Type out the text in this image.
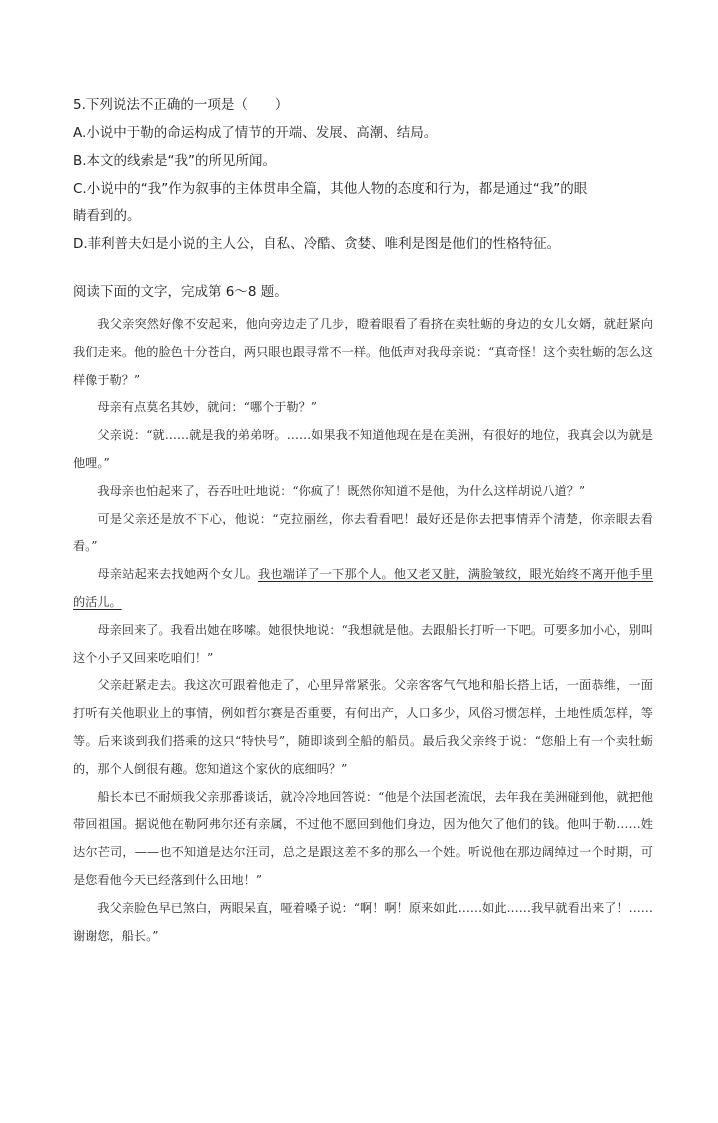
5.下列说法不正确的一项是（　　）
A.小说中于勒的命运构成了情节的开端、发展、高潮、结局。
B.本文的线索是“我”的所见所闻。
C.小说中的“我”作为叙事的主体贯串全篇，其他人物的态度和行为，都是通过“我”的眼
睛看到的。
D.菲利普夫妇是小说的主人公，自私、冷酷、贪婪、唯利是图是他们的性格特征。
阅读下面的文字，完成第 6～8 题。

我父亲突然好像不安起来，他向旁边走了几步，瞪着眼看了看挤在卖牡蛎的身边的女儿女婿，就赶紧向我们走来。他的脸色十分苍白，两只眼也跟寻常不一样。他低声对我母亲说：“真奇怪！这个卖牡蛎的怎么这样像于勒？”

母亲有点莫名其妙，就问：“哪个于勒？”

父亲说：“就……就是我的弟弟呀。……如果我不知道他现在是在美洲，有很好的地位，我真会以为就是他哩。”

我母亲也怕起来了，吞吞吐吐地说：“你疯了！既然你知道不是他，为什么这样胡说八道？”

可是父亲还是放不下心，他说：“克拉丽丝，你去看看吧！最好还是你去把事情弄个清楚，你亲眼去看看。”

母亲站起来去找她两个女儿。我也端详了一下那个人。他又老又脏，满脸皱纹，眼光始终不离开他手里的活儿。

母亲回来了。我看出她在哆嗦。她很快地说：“我想就是他。去跟船长打听一下吧。可要多加小心，别叫这个小子又回来吃咱们！”

父亲赶紧走去。我这次可跟着他走了，心里异常紧张。父亲客客气气地和船长搭上话，一面恭维，一面打听有关他职业上的事情，例如哲尔赛是否重要，有何出产，人口多少，风俗习惯怎样，土地性质怎样，等等。后来谈到我们搭乘的这只“特快号”，随即谈到全船的船员。最后我父亲终于说：“您船上有一个卖牡蛎的，那个人倒很有趣。您知道这个家伙的底细吗？”

船长本已不耐烦我父亲那番谈话，就冷冷地回答说：“他是个法国老流氓，去年我在美洲碰到他，就把他带回祖国。据说他在勒阿弗尔还有亲属，不过他不愿回到他们身边，因为他欠了他们的钱。他叫于勒……姓达尔芒司，——也不知道是达尔汪司，总之是跟这差不多的那么一个姓。听说他在那边阔绰过一个时期，可是您看他今天已经落到什么田地！”

我父亲脸色早已煞白，两眼呆直，哑着嗓子说：“啊！啊！原来如此……如此……我早就看出来了！……谢谢您，船长。”
